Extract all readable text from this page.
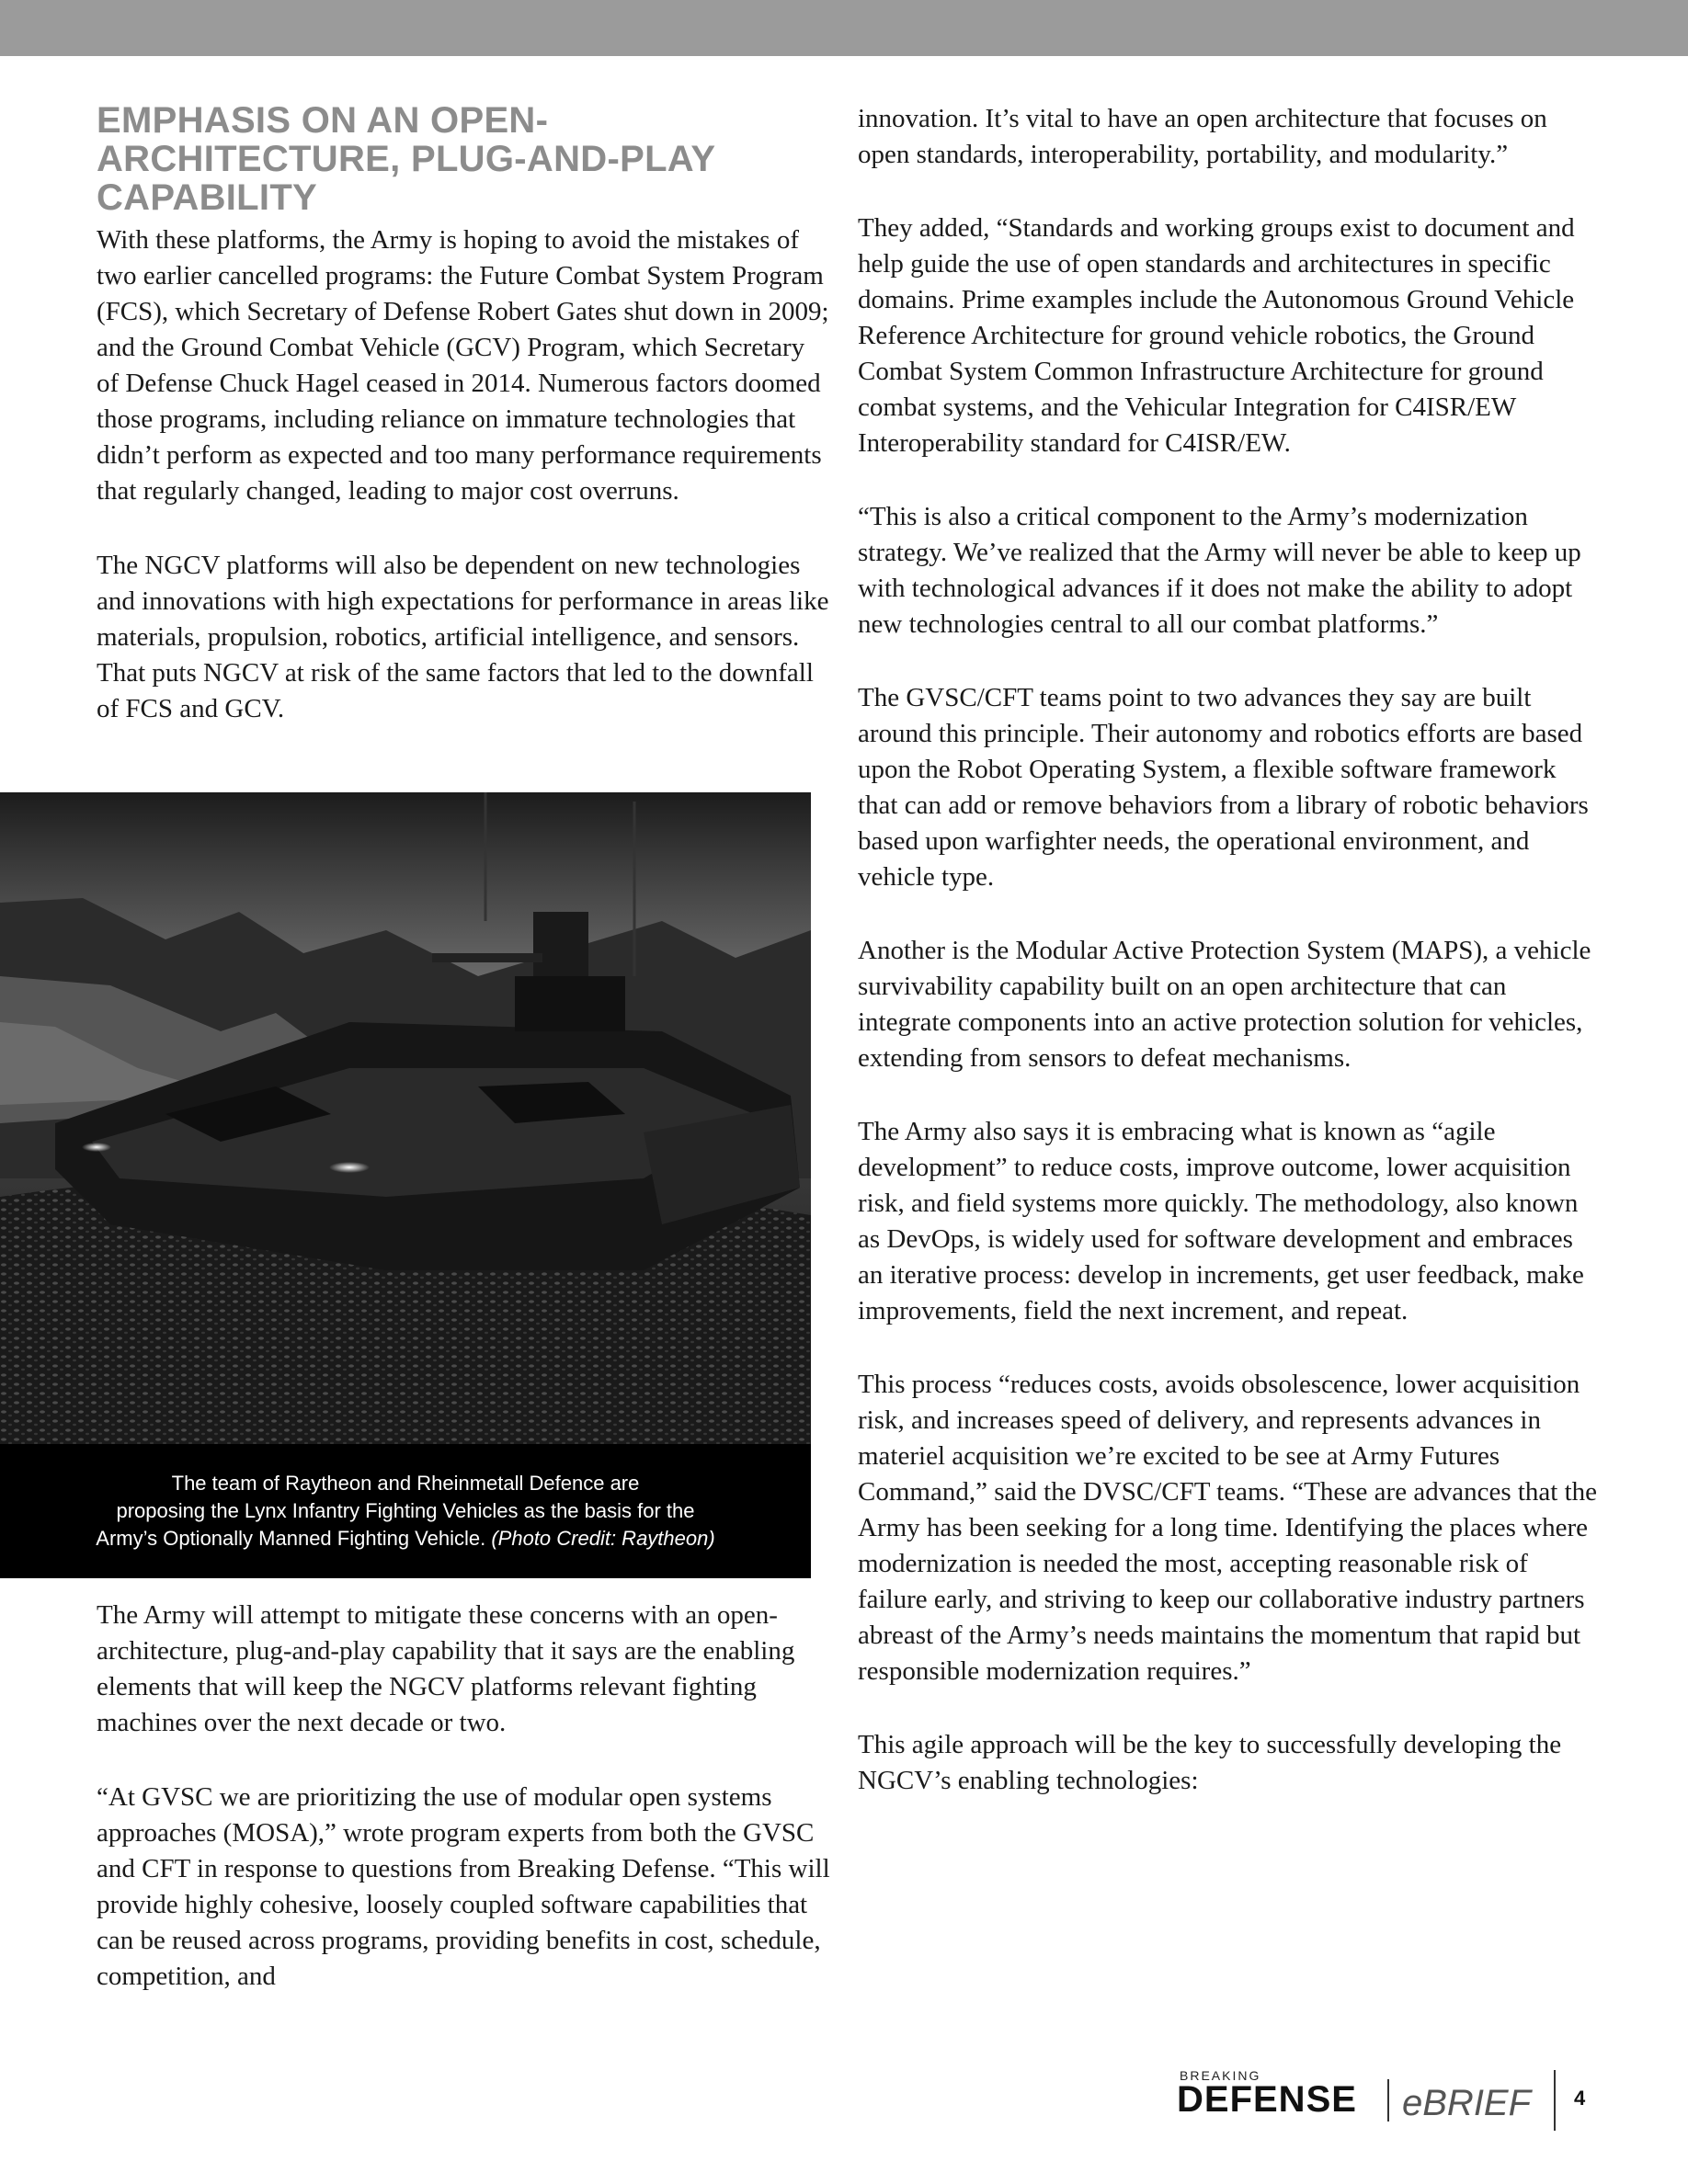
EMPHASIS ON AN OPEN-ARCHITECTURE, PLUG-AND-PLAY CAPABILITY

With these platforms, the Army is hoping to avoid the mistakes of two earlier cancelled programs: the Future Combat System Program (FCS), which Secretary of Defense Robert Gates shut down in 2009; and the Ground Combat Vehicle (GCV) Program, which Secretary of Defense Chuck Hagel ceased in 2014. Numerous factors doomed those programs, including reliance on immature technologies that didn’t perform as expected and too many performance requirements that regularly changed, leading to major cost overruns.

The NGCV platforms will also be dependent on new technologies and innovations with high expectations for performance in areas like materials, propulsion, robotics, artificial intelligence, and sensors. That puts NGCV at risk of the same factors that led to the downfall of FCS and GCV.

The team of Raytheon and Rheinmetall Defence are
proposing the Lynx Infantry Fighting Vehicles as the basis for the
Army’s Optionally Manned Fighting Vehicle. (Photo Credit: Raytheon)

The Army will attempt to mitigate these concerns with an open-architecture, plug-and-play capability that it says are the enabling elements that will keep the NGCV platforms relevant fighting machines over the next decade or two.

“At GVSC we are prioritizing the use of modular open systems approaches (MOSA),” wrote program experts from both the GVSC and CFT in response to questions from Breaking Defense. “This will provide highly cohesive, loosely coupled software capabilities that can be reused across programs, providing benefits in cost, schedule, competition, and

innovation. It’s vital to have an open architecture that focuses on open standards, interoperability, portability, and modularity.”

They added, “Standards and working groups exist to document and help guide the use of open standards and architectures in specific domains. Prime examples include the Autonomous Ground Vehicle Reference Architecture for ground vehicle robotics, the Ground Combat System Common Infrastructure Architecture for ground combat systems, and the Vehicular Integration for C4ISR/EW Interoperability standard for C4ISR/EW.

“This is also a critical component to the Army’s modernization strategy. We’ve realized that the Army will never be able to keep up with technological advances if it does not make the ability to adopt new technologies central to all our combat platforms.”

The GVSC/CFT teams point to two advances they say are built around this principle. Their autonomy and robotics efforts are based upon the Robot Operating System, a flexible software framework that can add or remove behaviors from a library of robotic behaviors based upon warfighter needs, the operational environment, and vehicle type.

Another is the Modular Active Protection System (MAPS), a vehicle survivability capability built on an open architecture that can integrate components into an active protection solution for vehicles, extending from sensors to defeat mechanisms.

The Army also says it is embracing what is known as “agile development” to reduce costs, improve outcome, lower acquisition risk, and field systems more quickly. The methodology, also known as DevOps, is widely used for software development and embraces an iterative process: develop in increments, get user feedback, make improvements, field the next increment, and repeat.

This process “reduces costs, avoids obsolescence, lower acquisition risk, and increases speed of delivery, and represents advances in materiel acquisition we’re excited to be see at Army Futures Command,” said the DVSC/CFT teams. “These are advances that the Army has been seeking for a long time. Identifying the places where modernization is needed the most, accepting reasonable risk of failure early, and striving to keep our collaborative industry partners abreast of the Army’s needs maintains the momentum that rapid but responsible modernization requires.”

This agile approach will be the key to successfully developing the NGCV’s enabling technologies:

BREAKING
DEFENSE eBRIEF 4
